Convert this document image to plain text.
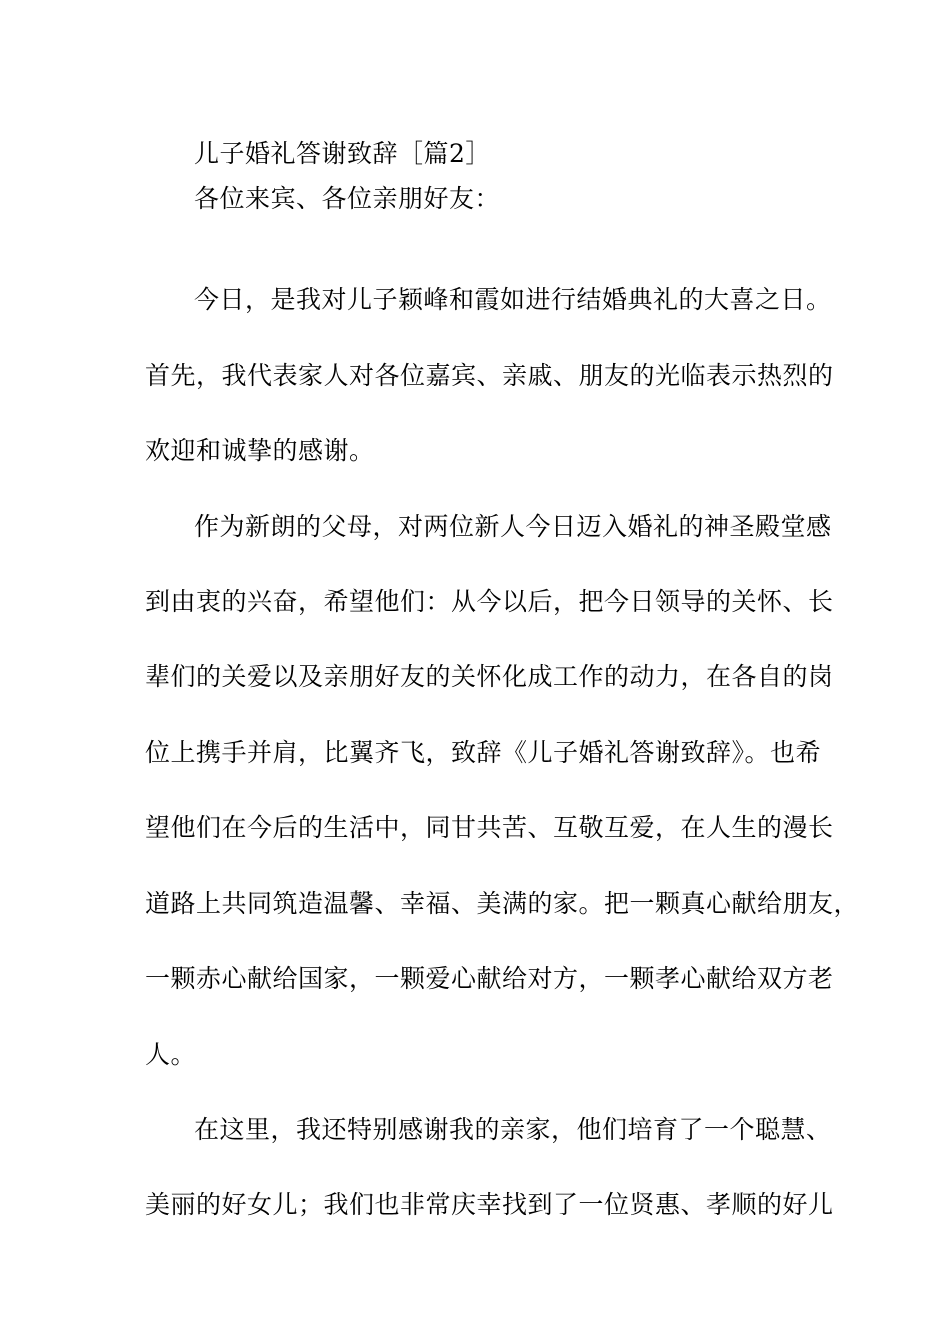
儿子婚礼答谢致辞［篇2］
各位来宾、各位亲朋好友：
今日，是我对儿子颖峰和霞如进行结婚典礼的大喜之日。
首先，我代表家人对各位嘉宾、亲戚、朋友的光临表示热烈的
欢迎和诚挚的感谢。
作为新朗的父母，对两位新人今日迈入婚礼的神圣殿堂感
到由衷的兴奋，希望他们：从今以后，把今日领导的关怀、长
辈们的关爱以及亲朋好友的关怀化成工作的动力，在各自的岗
位上携手并肩，比翼齐飞，致辞《儿子婚礼答谢致辞》。也希
望他们在今后的生活中，同甘共苦、互敬互爱，在人生的漫长
道路上共同筑造温馨、幸福、美满的家。把一颗真心献给朋友，
一颗赤心献给国家，一颗爱心献给对方，一颗孝心献给双方老
人。
在这里，我还特别感谢我的亲家，他们培育了一个聪慧、
美丽的好女儿；我们也非常庆幸找到了一位贤惠、孝顺的好儿
